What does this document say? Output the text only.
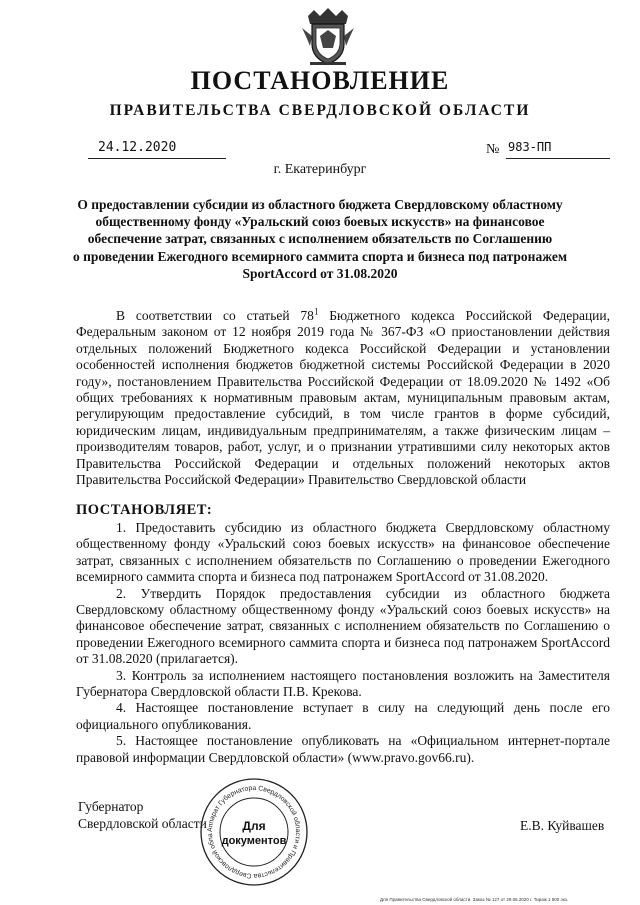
ПОСТАНОВЛЕНИЕ
ПРАВИТЕЛЬСТВА СВЕРДЛОВСКОЙ ОБЛАСТИ
24.12.2020	№ 983-ПП
г. Екатеринбург
О предоставлении субсидии из областного бюджета Свердловскому областному
общественному фонду «Уральский союз боевых искусств» на финансовое
обеспечение затрат, связанных с исполнением обязательств по Соглашению
о проведении Ежегодного всемирного саммита спорта и бизнеса под патронажем
SportAccord от 31.08.2020
В соответствии со статьей $78^1$ Бюджетного кодекса Российской Федерации, Федеральным законом от 12 ноября 2019 года № 367-ФЗ «О приостановлении действия отдельных положений Бюджетного кодекса Российской Федерации и установлении особенностей исполнения бюджетов бюджетной системы Российской Федерации в 2020 году», постановлением Правительства Российской Федерации от 18.09.2020 № 1492 «Об общих требованиях к нормативным правовым актам, муниципальным правовым актам, регулирующим предоставление субсидий, в том числе грантов в форме субсидий, юридическим лицам, индивидуальным предпринимателям, а также физическим лицам – производителям товаров, работ, услуг, и о признании утратившими силу некоторых актов Правительства Российской Федерации и отдельных положений некоторых актов Правительства Российской Федерации» Правительство Свердловской области
ПОСТАНОВЛЯЕТ:

1. Предоставить субсидию из областного бюджета Свердловскому областному общественному фонду «Уральский союз боевых искусств» на финансовое обеспечение затрат, связанных с исполнением обязательств по Соглашению о проведении Ежегодного всемирного саммита спорта и бизнеса под патронажем SportAccord от 31.08.2020.

2. Утвердить Порядок предоставления субсидии из областного бюджета Свердловскому областному общественному фонду «Уральский союз боевых искусств» на финансовое обеспечение затрат, связанных с исполнением обязательств по Соглашению о проведении Ежегодного всемирного саммита спорта и бизнеса под патронажем SportAccord от 31.08.2020 (прилагается).

3. Контроль за исполнением настоящего постановления возложить на Заместителя Губернатора Свердловской области П.В. Крекова.

4. Настоящее постановление вступает в силу на следующий день после его официального опубликования.

5. Настоящее постановление опубликовать на «Официальном интернет-портале правовой информации Свердловской области» (www.pravo.gov66.ru).

Губернатор
Свердловской области Аппарат Губернатора Свердловской области и Правительства Свердловской обла
Для
документов
Е.В. Куйвашев
Для Правительства Свердловской области. Заказ № 127 от 29.06.2020 г. Тираж 1 500 экз.
